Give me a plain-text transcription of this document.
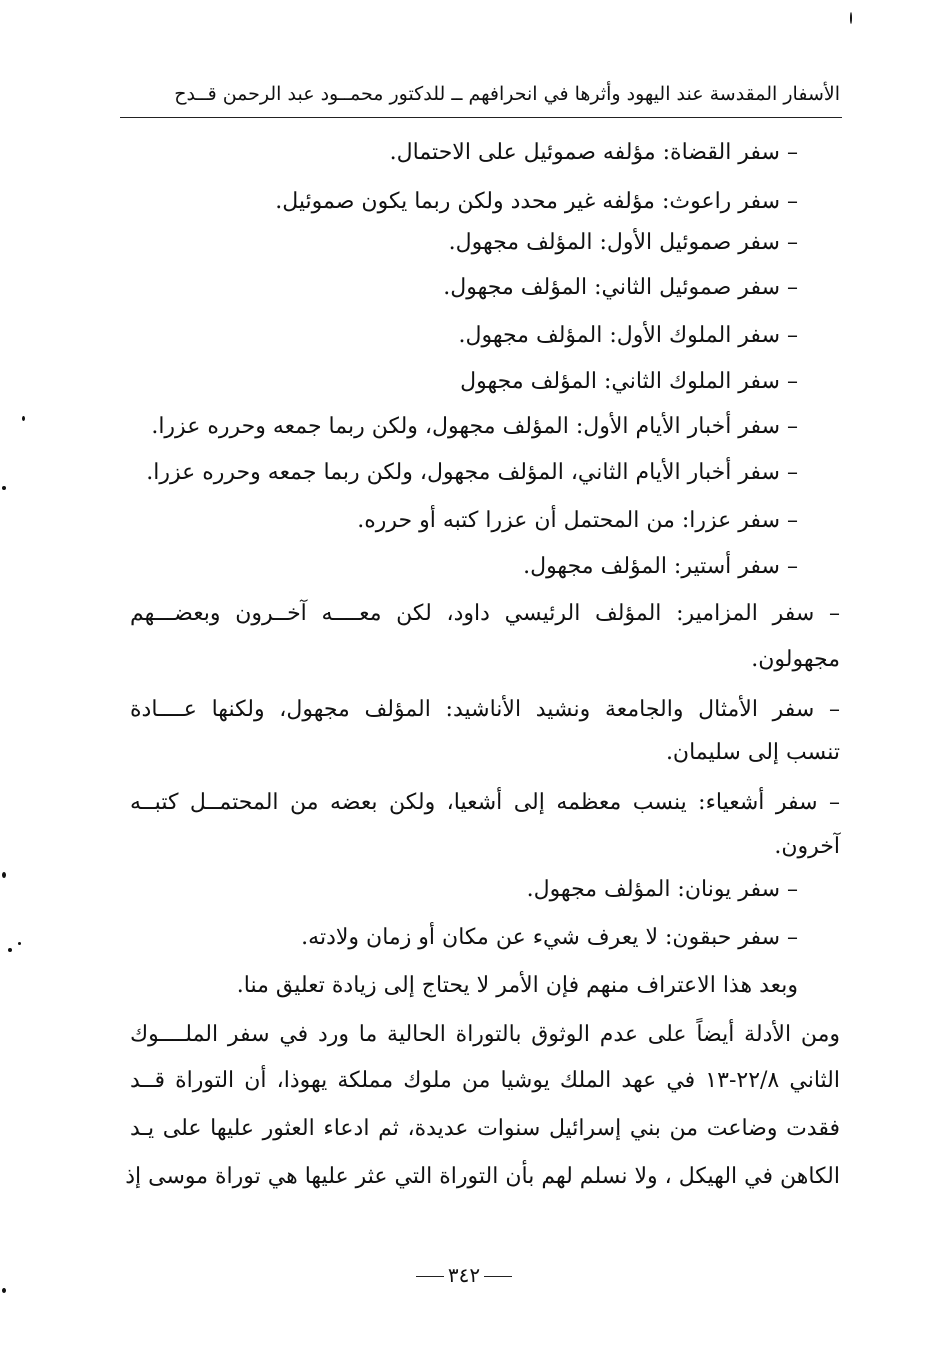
الأسفار المقدسة عند اليهود وأثرها في انحرافهم ــ للدكتور محمــود عبد الرحمن قــدح
– سفر القضاة: مؤلفه صموئيل على الاحتمال.
– سفر راعوث: مؤلفه غير محدد ولكن ربما يكون صموئيل.
– سفر صموئيل الأول: المؤلف مجهول.
– سفر صموئيل الثاني: المؤلف مجهول.
– سفر الملوك الأول: المؤلف مجهول.
– سفر الملوك الثاني: المؤلف مجهول
– سفر أخبار الأيام الأول: المؤلف مجهول، ولكن ربما جمعه وحرره عزرا.
– سفر أخبار الأيام الثاني، المؤلف مجهول، ولكن ربما جمعه وحرره عزرا.
– سفر عزرا: من المحتمل أن عزرا كتبه أو حرره.
– سفر أستير: المؤلف مجهول.
– سفر المزامير: المؤلف الرئيسي داود، لكن معــــه آخــرون وبعضـــهم
مجهولون.
– سفر الأمثال والجامعة ونشيد الأناشيد: المؤلف مجهول، ولكنها عــــادة
تنسب إلى سليمان.
– سفر أشعياء: ينسب معظمه إلى أشعيا، ولكن بعضه من المحتمــل كتبــه
آخرون.
– سفر يونان: المؤلف مجهول.
– سفر حبقون: لا يعرف شيء عن مكان أو زمان ولادته.
وبعد هذا الاعتراف منهم فإن الأمر لا يحتاج إلى زيادة تعليق منا.
ومن الأدلة أيضاً على عدم الوثوق بالتوراة الحالية ما ورد في سفر الملــــوك
الثاني ٢٢/٨-١٣ في عهد الملك يوشيا من ملوك مملكة يهوذا، أن التوراة قــد
فقدت وضاعت من بني إسرائيل سنوات عديدة، ثم ادعاء العثور عليها على يـد
الكاهن في الهيكل ، ولا نسلم لهم بأن التوراة التي عثر عليها هي توراة موسى إذ
٣٤٢
